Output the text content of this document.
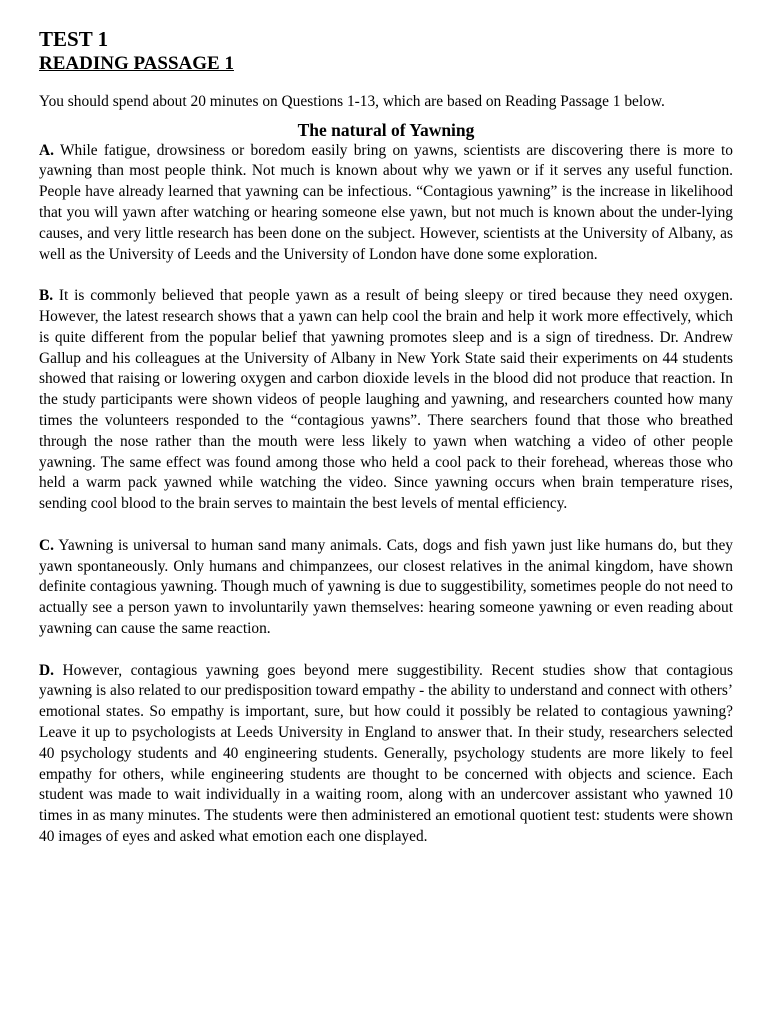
TEST 1

READING PASSAGE 1

You should spend about 20 minutes on Questions 1-13, which are based on Reading Passage 1 below.

The natural of Yawning

A. While fatigue, drowsiness or boredom easily bring on yawns, scientists are discovering there is more to yawning than most people think. Not much is known about why we yawn or if it serves any useful function. People have already learned that yawning can be infectious. “Contagious yawning” is the increase in likelihood that you will yawn after watching or hearing someone else yawn, but not much is known about the under-lying causes, and very little research has been done on the subject. However, scientists at the University of Albany, as well as the University of Leeds and the University of London have done some exploration.

B. It is commonly believed that people yawn as a result of being sleepy or tired because they need oxygen. However, the latest research shows that a yawn can help cool the brain and help it work more effectively, which is quite different from the popular belief that yawning promotes sleep and is a sign of tiredness. Dr. Andrew Gallup and his colleagues at the University of Albany in New York State said their experiments on 44 students showed that raising or lowering oxygen and carbon dioxide levels in the blood did not produce that reaction. In the study participants were shown videos of people laughing and yawning, and researchers counted how many times the volunteers responded to the “contagious yawns”. There searchers found that those who breathed through the nose rather than the mouth were less likely to yawn when watching a video of other people yawning. The same effect was found among those who held a cool pack to their forehead, whereas those who held a warm pack yawned while watching the video. Since yawning occurs when brain temperature rises, sending cool blood to the brain serves to maintain the best levels of mental efficiency.

C. Yawning is universal to human sand many animals. Cats, dogs and fish yawn just like humans do, but they yawn spontaneously. Only humans and chimpanzees, our closest relatives in the animal kingdom, have shown definite contagious yawning. Though much of yawning is due to suggestibility, sometimes people do not need to actually see a person yawn to involuntarily yawn themselves: hearing someone yawning or even reading about yawning can cause the same reaction.

D. However, contagious yawning goes beyond mere suggestibility. Recent studies show that contagious yawning is also related to our predisposition toward empathy - the ability to understand and connect with others’ emotional states. So empathy is important, sure, but how could it possibly be related to contagious yawning? Leave it up to psychologists at Leeds University in England to answer that. In their study, researchers selected 40 psychology students and 40 engineering students. Generally, psychology students are more likely to feel empathy for others, while engineering students are thought to be concerned with objects and science. Each student was made to wait individually in a waiting room, along with an undercover assistant who yawned 10 times in as many minutes. The students were then administered an emotional quotient test: students were shown 40 images of eyes and asked what emotion each one displayed.
